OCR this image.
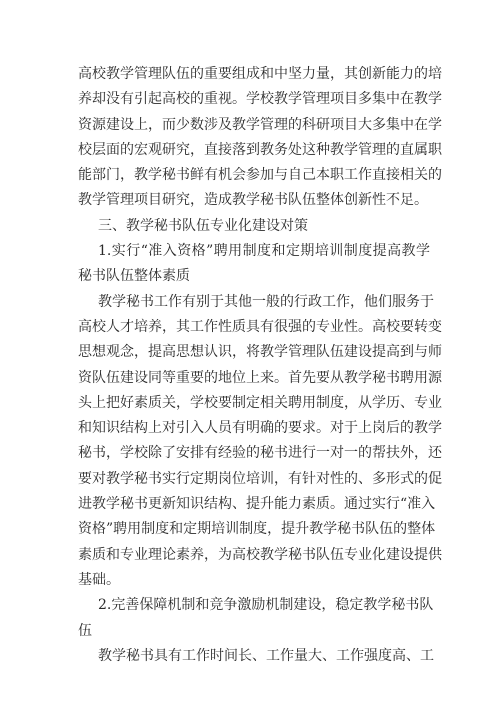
高校教学管理队伍的重要组成和中坚力量，其创新能力的培
养却没有引起高校的重视。学校教学管理项目多集中在教学
资源建设上，而少数涉及教学管理的科研项目大多集中在学
校层面的宏观研究，直接落到教务处这种教学管理的直属职
能部门，教学秘书鲜有机会参加与自己本职工作直接相关的
教学管理项目研究，造成教学秘书队伍整体创新性不足。
三、教学秘书队伍专业化建设对策
1.实行“准入资格”聘用制度和定期培训制度提高教学
秘书队伍整体素质
教学秘书工作有别于其他一般的行政工作，他们服务于
高校人才培养，其工作性质具有很强的专业性。高校要转变
思想观念，提高思想认识，将教学管理队伍建设提高到与师
资队伍建设同等重要的地位上来。首先要从教学秘书聘用源
头上把好素质关，学校要制定相关聘用制度，从学历、专业
和知识结构上对引入人员有明确的要求。对于上岗后的教学
秘书，学校除了安排有经验的秘书进行一对一的帮扶外，还
要对教学秘书实行定期岗位培训，有针对性的、多形式的促
进教学秘书更新知识结构、提升能力素质。通过实行“准入
资格”聘用制度和定期培训制度，提升教学秘书队伍的整体
素质和专业理论素养，为高校教学秘书队伍专业化建设提供
基础。
2.完善保障机制和竞争激励机制建设，稳定教学秘书队
伍
教学秘书具有工作时间长、工作量大、工作强度高、工
